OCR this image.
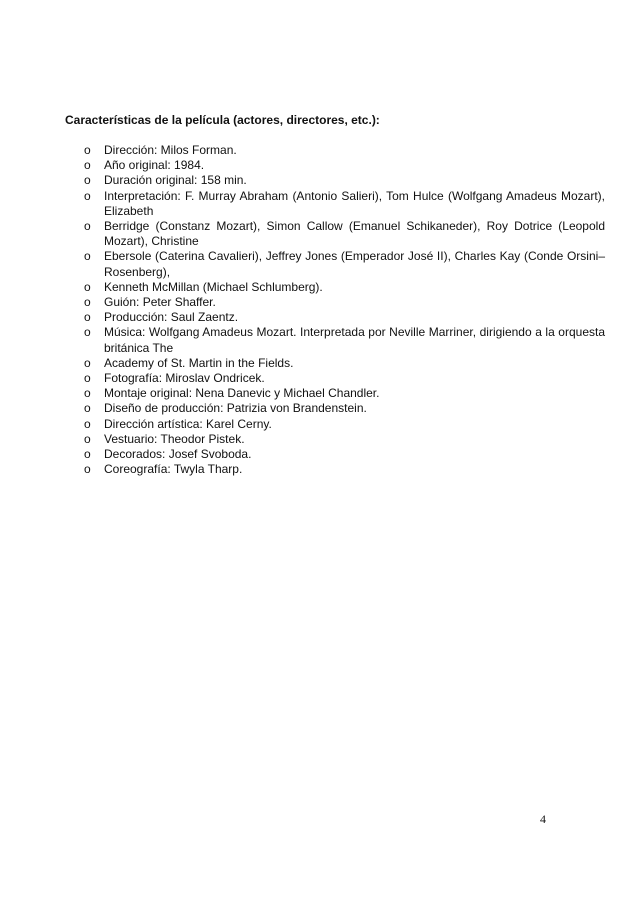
Características de la película (actores, directores, etc.):
o Dirección: Milos Forman.
o Año original: 1984.
o Duración original: 158 min.
o Interpretación: F. Murray Abraham (Antonio Salieri), Tom Hulce (Wolfgang Amadeus Mozart), Elizabeth
o Berridge (Constanz Mozart), Simon Callow (Emanuel Schikaneder), Roy Dotrice (Leopold Mozart), Christine
o Ebersole (Caterina Cavalieri), Jeffrey Jones (Emperador José II), Charles Kay (Conde Orsini–Rosenberg),
o Kenneth McMillan (Michael Schlumberg).
o Guión: Peter Shaffer.
o Producción: Saul Zaentz.
o Música: Wolfgang Amadeus Mozart. Interpretada por Neville Marriner, dirigiendo a la orquesta británica The
o Academy of St. Martin in the Fields.
o Fotografía: Miroslav Ondricek.
o Montaje original: Nena Danevic y Michael Chandler.
o Diseño de producción: Patrizia von Brandenstein.
o Dirección artística: Karel Cerny.
o Vestuario: Theodor Pistek.
o Decorados: Josef Svoboda.
o Coreografía: Twyla Tharp.
4
